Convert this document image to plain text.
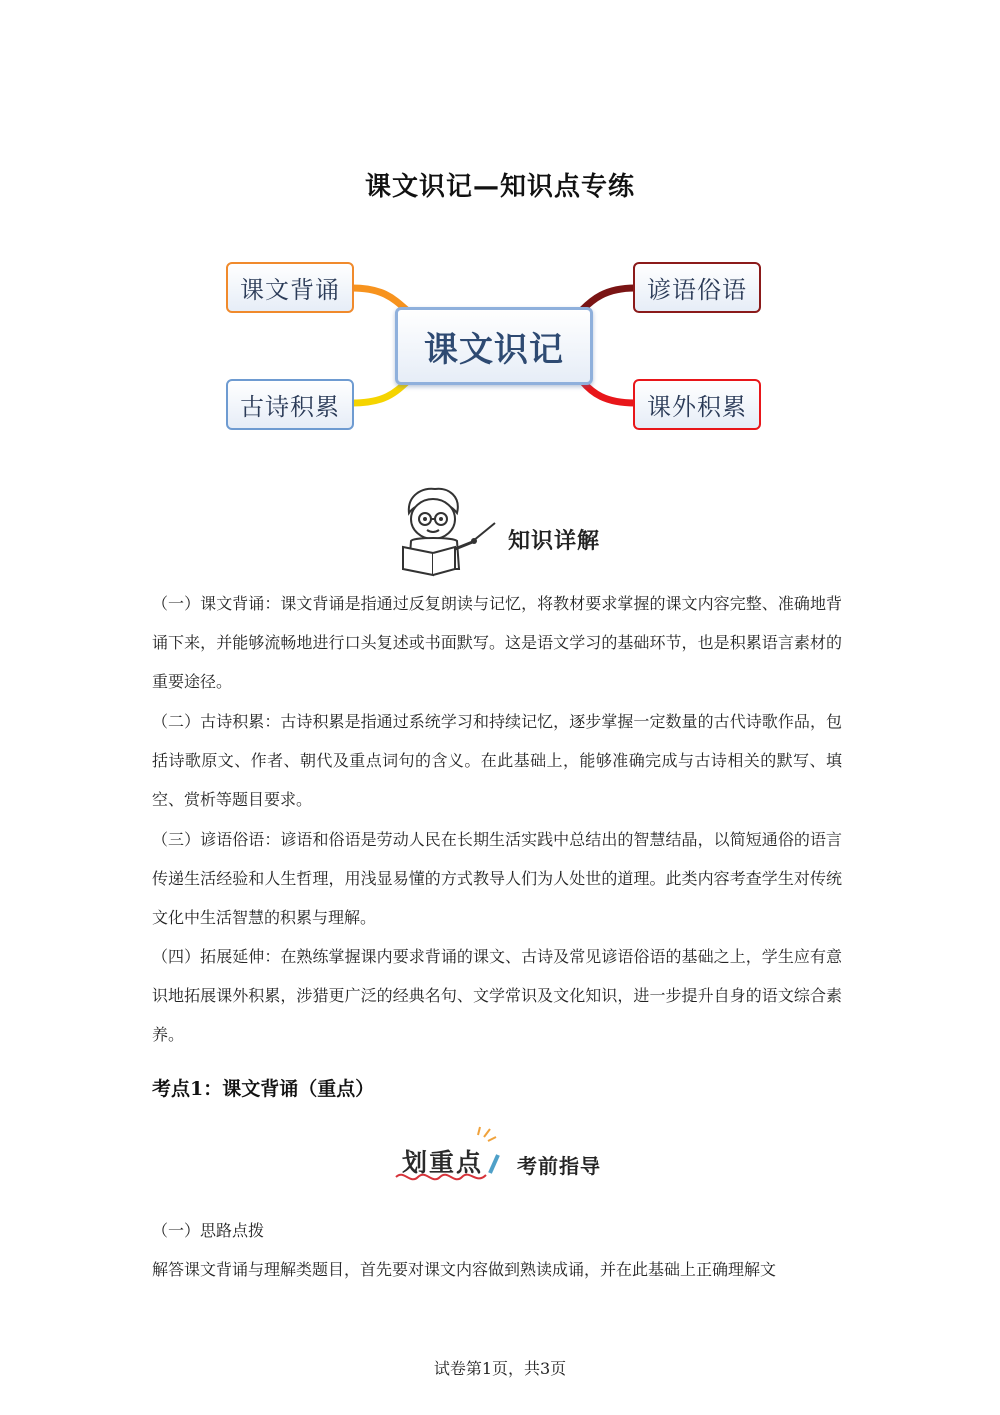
课文识记—知识点专练
课文识记
课文背诵
古诗积累
谚语俗语
课外积累
知识详解
（一）课文背诵：课文背诵是指通过反复朗读与记忆，将教材要求掌握的课文内容完整、准确地背诵下来，并能够流畅地进行口头复述或书面默写。这是语文学习的基础环节，也是积累语言素材的重要途径。
（二）古诗积累：古诗积累是指通过系统学习和持续记忆，逐步掌握一定数量的古代诗歌作品，包括诗歌原文、作者、朝代及重点词句的含义。在此基础上，能够准确完成与古诗相关的默写、填空、赏析等题目要求。
（三）谚语俗语：谚语和俗语是劳动人民在长期生活实践中总结出的智慧结晶，以简短通俗的语言传递生活经验和人生哲理，用浅显易懂的方式教导人们为人处世的道理。此类内容考查学生对传统文化中生活智慧的积累与理解。
（四）拓展延伸：在熟练掌握课内要求背诵的课文、古诗及常见谚语俗语的基础之上，学生应有意识地拓展课外积累，涉猎更广泛的经典名句、文学常识及文化知识，进一步提升自身的语文综合素养。
考点1：课文背诵（重点）
划重点 考前指导
（一）思路点拨
解答课文背诵与理解类题目，首先要对课文内容做到熟读成诵，并在此基础上正确理解文
试卷第1页，共3页
